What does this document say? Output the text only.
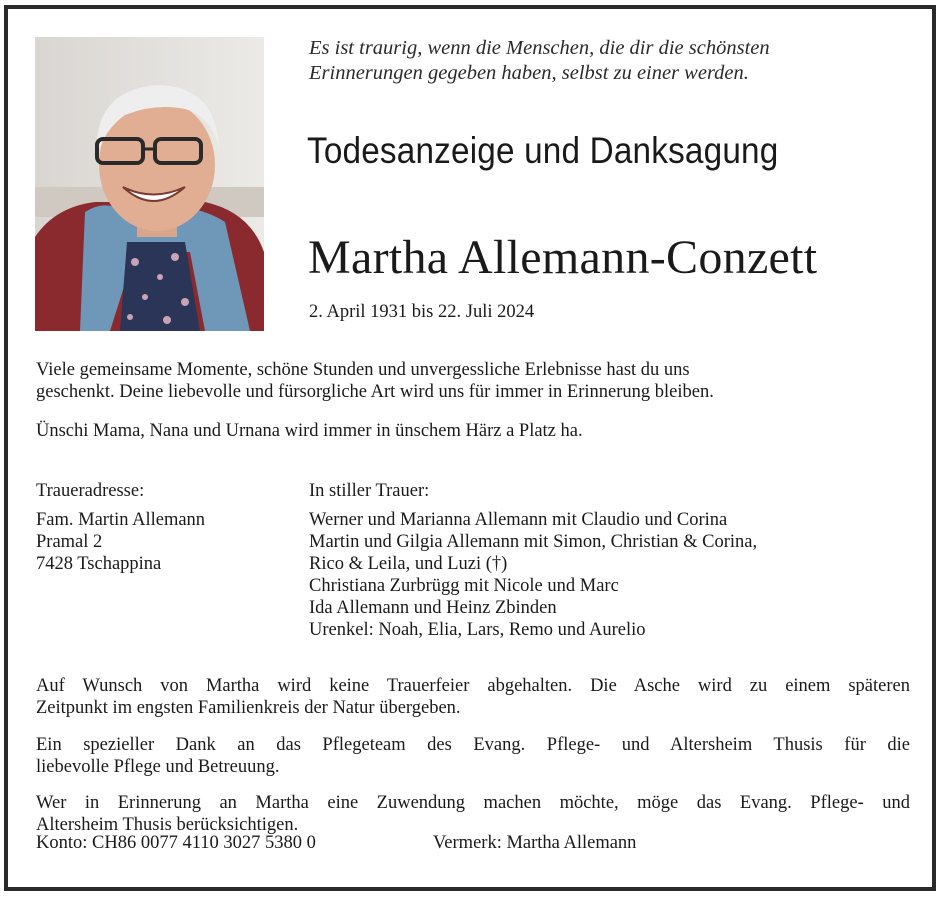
Es ist traurig, wenn die Menschen, die dir die schönsten
Erinnerungen gegeben haben, selbst zu einer werden.
Todesanzeige und Danksagung
Martha Allemann-Conzett
2. April 1931 bis 22. Juli 2024
Viele gemeinsame Momente, schöne Stunden und unvergessliche Erlebnisse hast du uns
geschenkt. Deine liebevolle und fürsorgliche Art wird uns für immer in Erinnerung bleiben.
Ünschi Mama, Nana und Urnana wird immer in ünschem Härz a Platz ha.
Traueradresse:
Fam. Martin Allemann
Pramal 2
7428 Tschappina
In stiller Trauer:
Werner und Marianna Allemann mit Claudio und Corina
Martin und Gilgia Allemann mit Simon, Christian & Corina,
Rico & Leila, und Luzi (†)
Christiana Zurbrügg mit Nicole und Marc
Ida Allemann und Heinz Zbinden
Urenkel: Noah, Elia, Lars, Remo und Aurelio
Auf Wunsch von Martha wird keine Trauerfeier abgehalten. Die Asche wird zu einem späteren
Zeitpunkt im engsten Familienkreis der Natur übergeben.
Ein spezieller Dank an das Pflegeteam des Evang. Pflege- und Altersheim Thusis für die
liebevolle Pflege und Betreuung.
Wer in Erinnerung an Martha eine Zuwendung machen möchte, möge das Evang. Pflege- und
Altersheim Thusis berücksichtigen.
Konto: CH86 0077 4110 3027 5380 0	Vermerk: Martha Allemann
